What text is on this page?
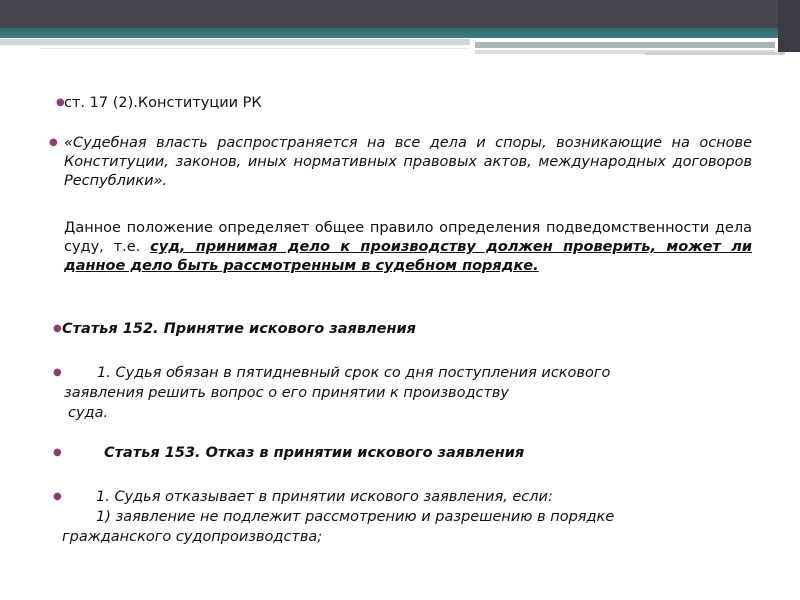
● ст. 17 (2).Конституции РК
● «Судебная власть распространяется на все дела и споры, возникающие на основе Конституции, законов, иных нормативных правовых актов, международных договоров Республики».
Данное положение определяет общее правило определения подведомственности дела суду, т.е. суд, принимая дело к производству должен проверить, может ли данное дело быть рассмотренным в судебном порядке.
● Статья 152. Принятие искового заявления
● 1. Судья обязан в пятидневный срок со дня поступления искового
заявления решить вопрос о его принятии к производству
суда.
●	Статья 153. Отказ в принятии искового заявления
● 1. Судья отказывает в принятии искового заявления, если:
1) заявление не подлежит рассмотрению и разрешению в порядке
гражданского судопроизводства;
